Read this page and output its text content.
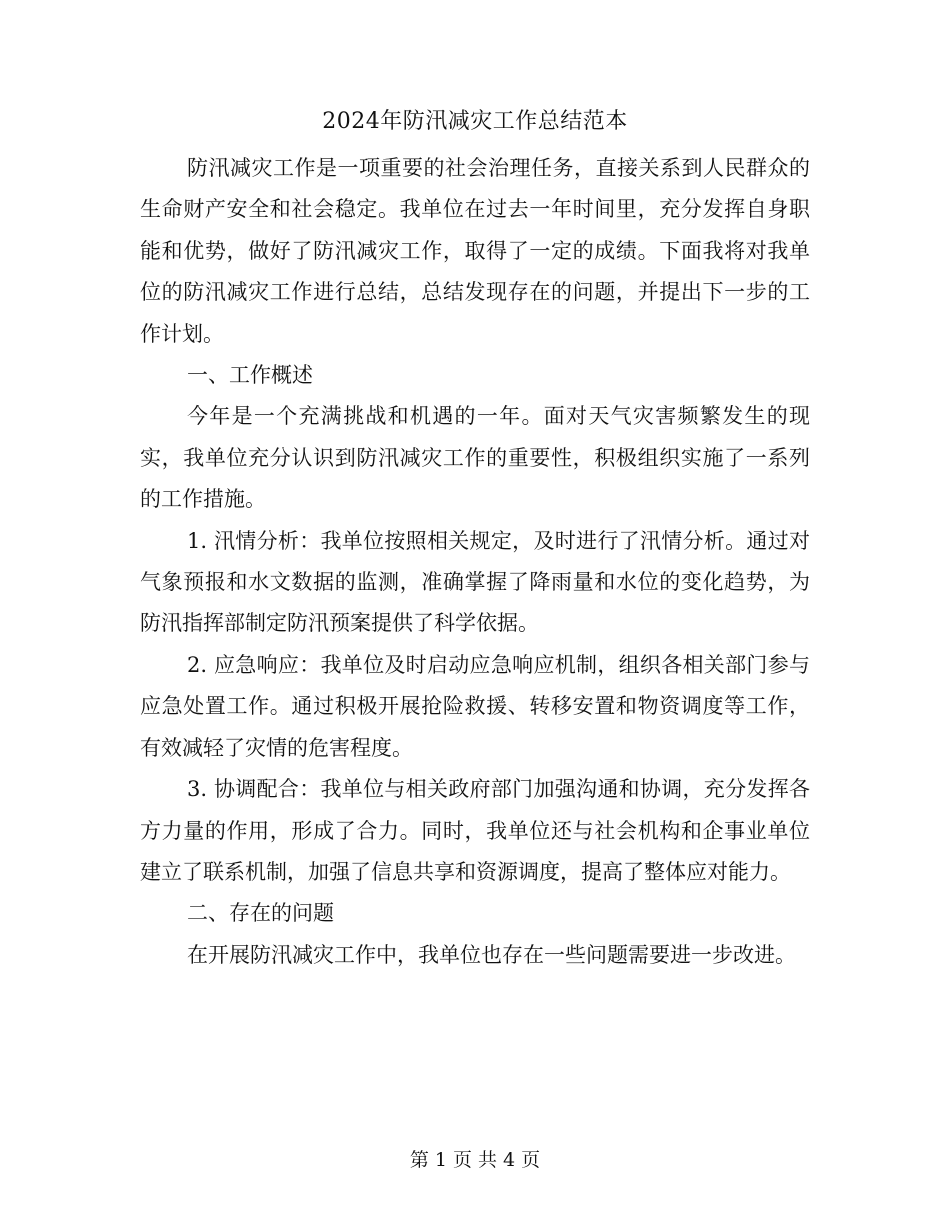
2024年防汛减灾工作总结范本

防汛减灾工作是一项重要的社会治理任务，直接关系到人民群众的生命财产安全和社会稳定。我单位在过去一年时间里，充分发挥自身职能和优势，做好了防汛减灾工作，取得了一定的成绩。下面我将对我单位的防汛减灾工作进行总结，总结发现存在的问题，并提出下一步的工作计划。

一、工作概述

今年是一个充满挑战和机遇的一年。面对天气灾害频繁发生的现实，我单位充分认识到防汛减灾工作的重要性，积极组织实施了一系列的工作措施。

1. 汛情分析：我单位按照相关规定，及时进行了汛情分析。通过对气象预报和水文数据的监测，准确掌握了降雨量和水位的变化趋势，为防汛指挥部制定防汛预案提供了科学依据。

2. 应急响应：我单位及时启动应急响应机制，组织各相关部门参与应急处置工作。通过积极开展抢险救援、转移安置和物资调度等工作，有效减轻了灾情的危害程度。

3. 协调配合：我单位与相关政府部门加强沟通和协调，充分发挥各方力量的作用，形成了合力。同时，我单位还与社会机构和企事业单位建立了联系机制，加强了信息共享和资源调度，提高了整体应对能力。

二、存在的问题

在开展防汛减灾工作中，我单位也存在一些问题需要进一步改进。

第 1 页 共 4 页
